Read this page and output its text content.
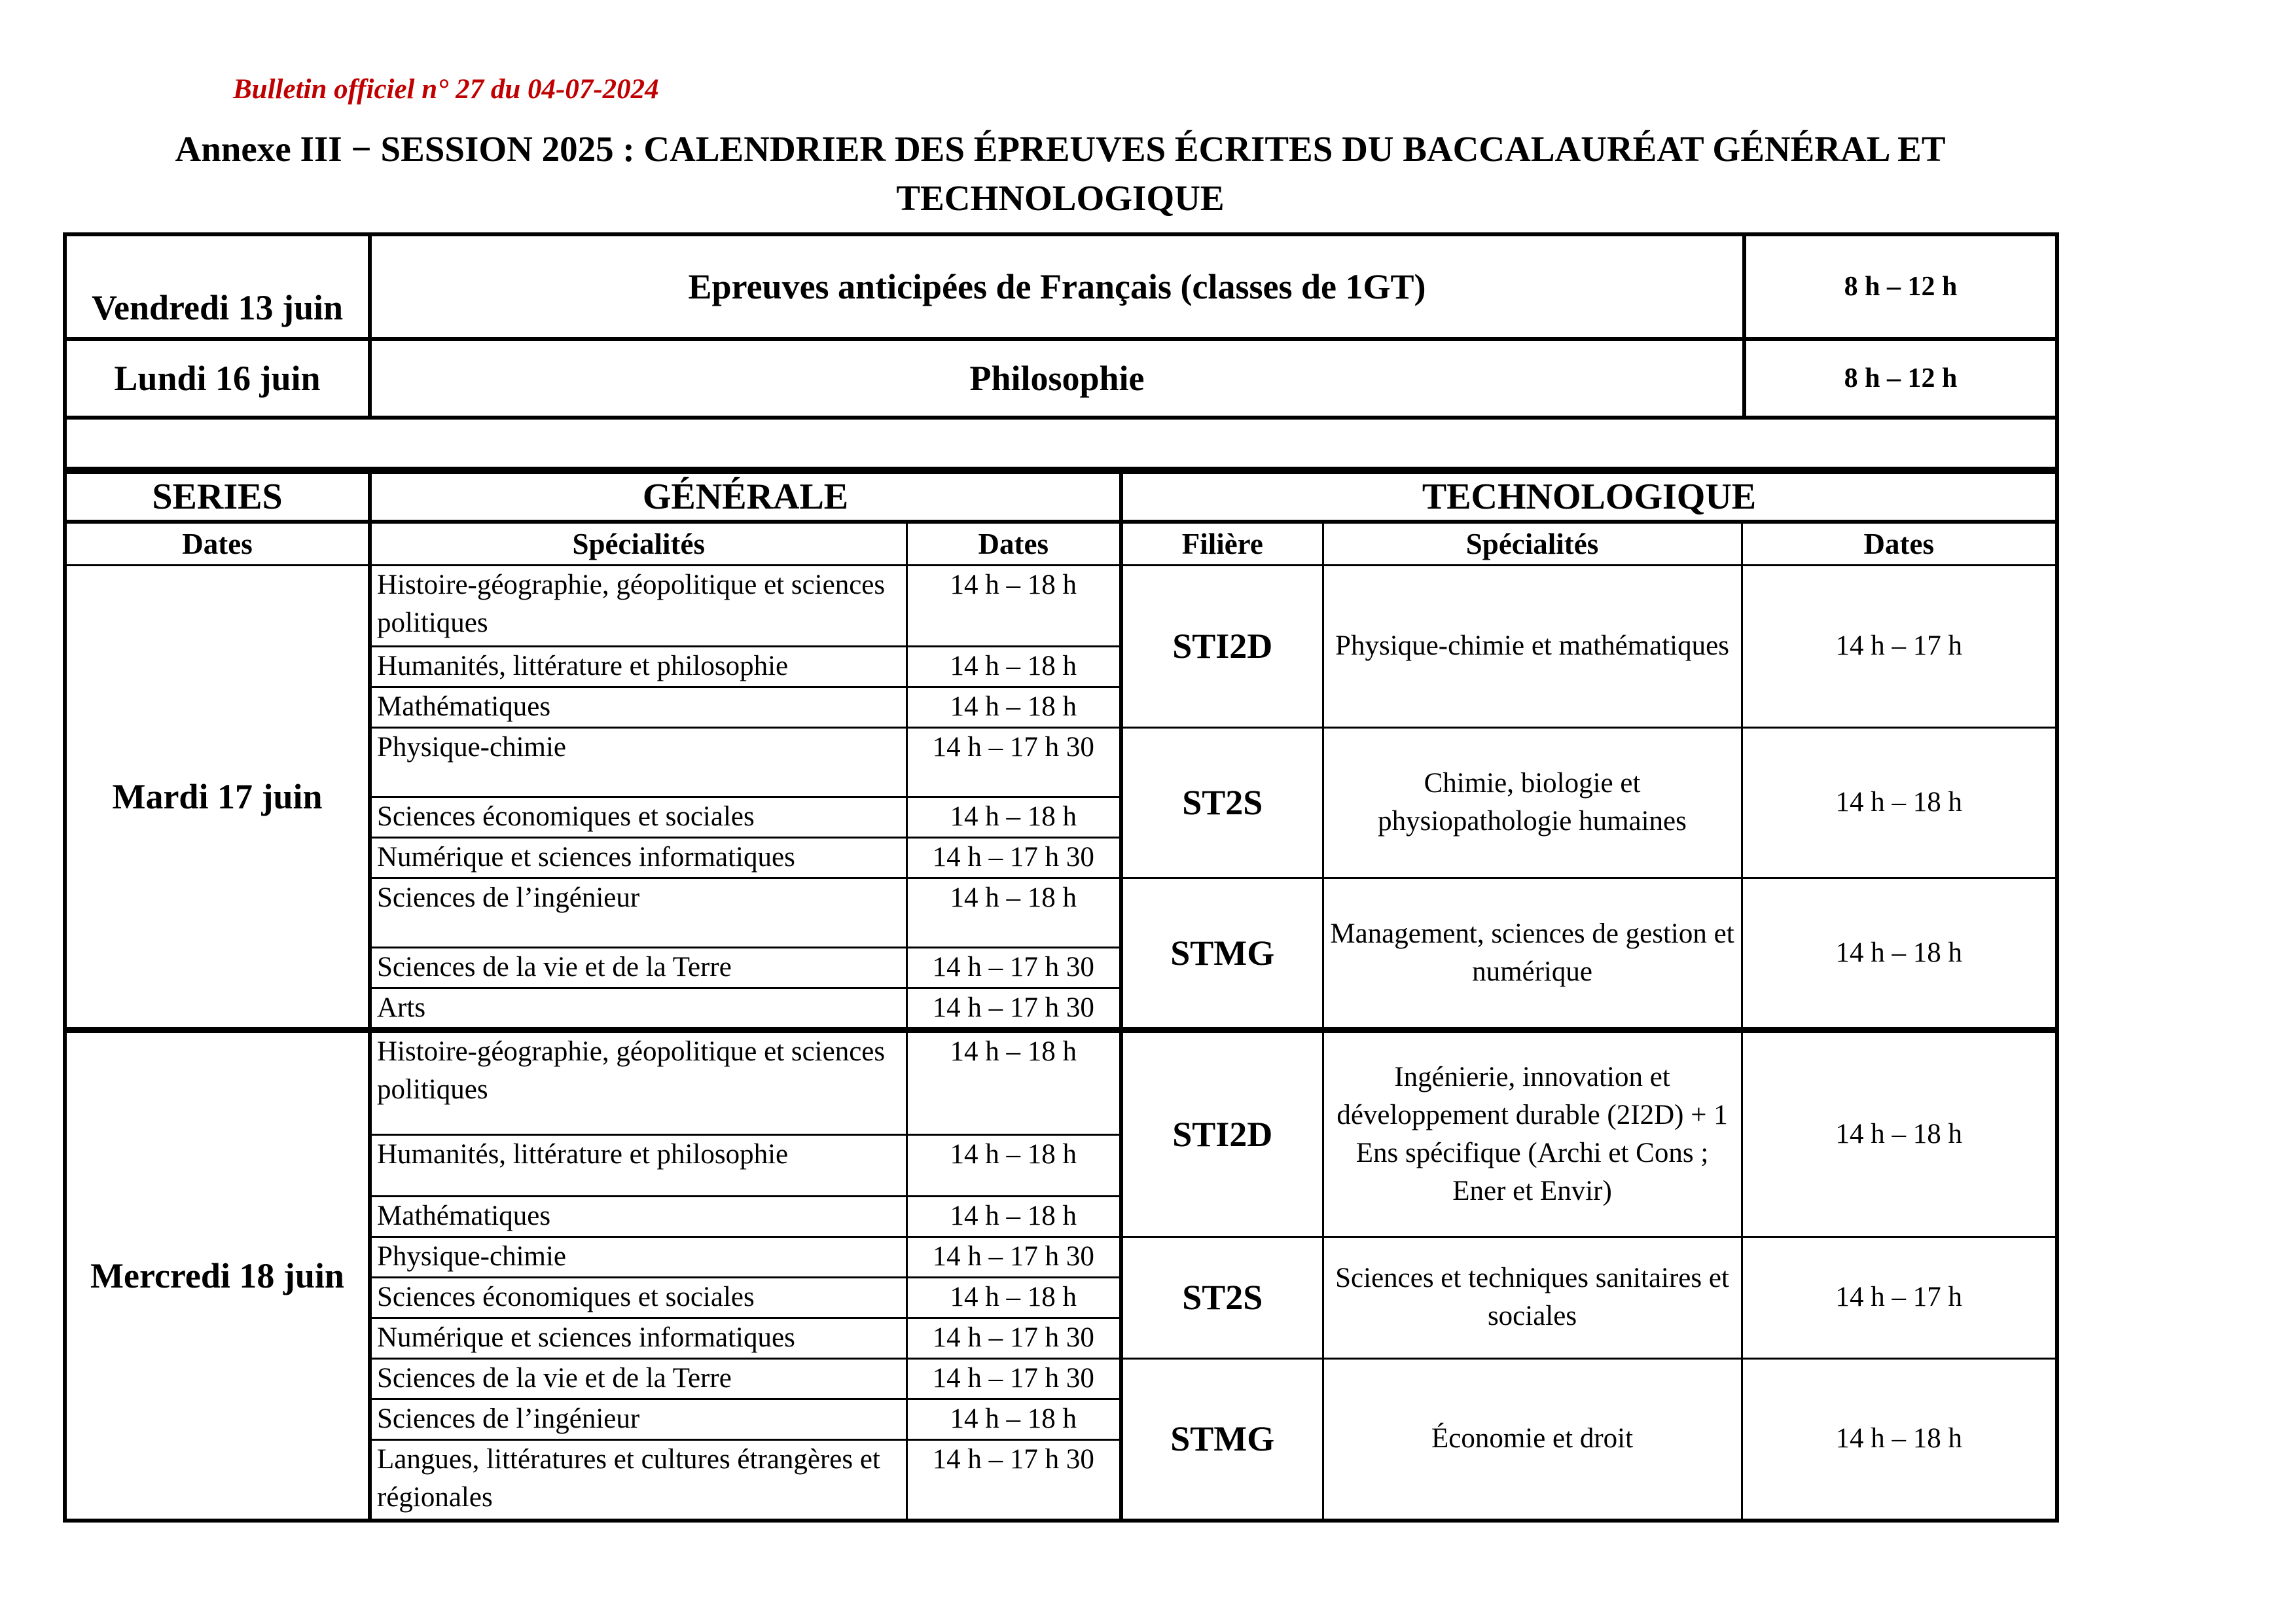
Bulletin officiel n° 27 du 04-07-2024
Annexe III − SESSION 2025 : CALENDRIER DES ÉPREUVES ÉCRITES DU BACCALAURÉAT GÉNÉRAL ET
TECHNOLOGIQUE
Vendredi 13 juin	Epreuves anticipées de Français (classes de 1GT)	8 h – 12 h
Lundi 16 juin	Philosophie	8 h – 12 h

SERIES	GÉNÉRALE		TECHNOLOGIQUE		
Dates	Spécialités	Dates	Filière	Spécialités	Dates
Mardi 17 juin	Histoire-géographie, géopolitique et sciences politiques	14 h – 18 h	STI2D	Physique-chimie et mathématiques	14 h – 17 h
	Humanités, littérature et philosophie	14 h – 18 h			
	Mathématiques	14 h – 18 h			
	Physique-chimie	14 h – 17 h 30	ST2S	Chimie, biologie et physiopathologie humaines	14 h – 18 h
	Sciences économiques et sociales	14 h – 18 h			
	Numérique et sciences informatiques	14 h – 17 h 30			
	Sciences de l’ingénieur	14 h – 18 h	STMG	Management, sciences de gestion et numérique	14 h – 18 h
	Sciences de la vie et de la Terre	14 h – 17 h 30			
	Arts	14 h – 17 h 30			
Mercredi 18 juin	Histoire-géographie, géopolitique et sciences politiques	14 h – 18 h	STI2D	Ingénierie, innovation et développement durable (2I2D) + 1 Ens spécifique (Archi et Cons ; Ener et Envir)	14 h – 18 h
	Humanités, littérature et philosophie	14 h – 18 h			
	Mathématiques	14 h – 18 h			
	Physique-chimie	14 h – 17 h 30	ST2S	Sciences et techniques sanitaires et sociales	14 h – 17 h
	Sciences économiques et sociales	14 h – 18 h			
	Numérique et sciences informatiques	14 h – 17 h 30			
	Sciences de la vie et de la Terre	14 h – 17 h 30	STMG	Économie et droit	14 h – 18 h
	Sciences de l’ingénieur	14 h – 18 h			
	Langues, littératures et cultures étrangères et régionales	14 h – 17 h 30			
